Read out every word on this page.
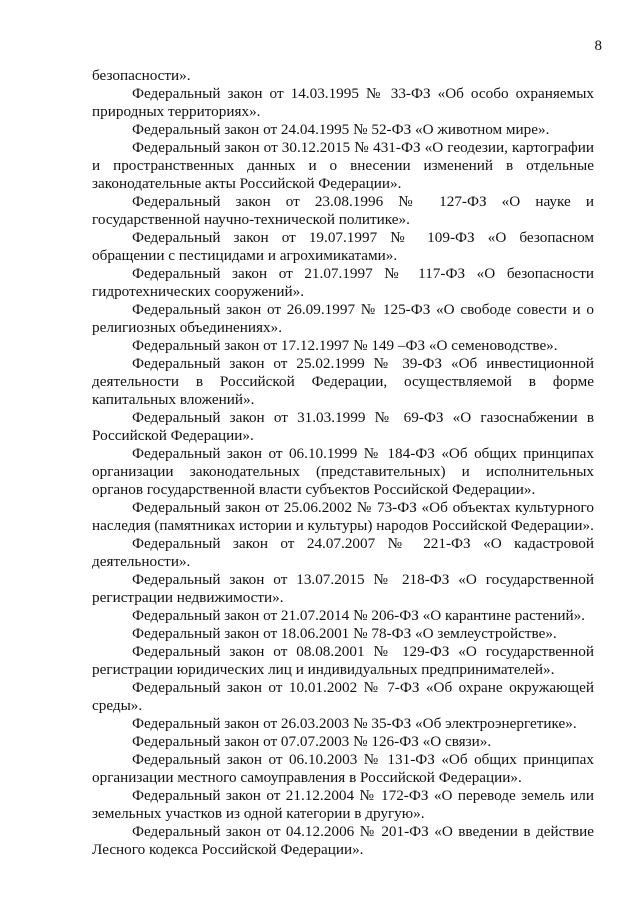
8

безопасности».

Федеральный закон от 14.03.1995 № 33-ФЗ «Об особо охраняемых природных территориях».

Федеральный закон от 24.04.1995 № 52-ФЗ «О животном мире».

Федеральный закон от 30.12.2015 № 431-ФЗ «О геодезии, картографии и пространственных данных и о внесении изменений в отдельные законодательные акты Российской Федерации».

Федеральный закон от 23.08.1996 № 127-ФЗ «О науке и государственной научно-технической политике».

Федеральный закон от 19.07.1997 № 109-ФЗ «О безопасном обращении с пестицидами и агрохимикатами».

Федеральный закон от 21.07.1997 № 117-ФЗ «О безопасности гидротехнических сооружений».

Федеральный закон от 26.09.1997 № 125-ФЗ «О свободе совести и о религиозных объединениях».

Федеральный закон от 17.12.1997 № 149 –ФЗ «О семеноводстве».

Федеральный закон от 25.02.1999 № 39-ФЗ «Об инвестиционной деятельности в Российской Федерации, осуществляемой в форме капитальных вложений».

Федеральный закон от 31.03.1999 № 69-ФЗ «О газоснабжении в Российской Федерации».

Федеральный закон от 06.10.1999 № 184-ФЗ «Об общих принципах организации законодательных (представительных) и исполнительных органов государственной власти субъектов Российской Федерации».

Федеральный закон от 25.06.2002 № 73-ФЗ «Об объектах культурного наследия (памятниках истории и культуры) народов Российской Федерации».

Федеральный закон от 24.07.2007 № 221-ФЗ «О кадастровой деятельности».

Федеральный закон от 13.07.2015 № 218-ФЗ «О государственной регистрации недвижимости».

Федеральный закон от 21.07.2014 № 206-ФЗ «О карантине растений».

Федеральный закон от 18.06.2001 № 78-ФЗ «О землеустройстве».

Федеральный закон от 08.08.2001 № 129-ФЗ «О государственной регистрации юридических лиц и индивидуальных предпринимателей».

Федеральный закон от 10.01.2002 № 7-ФЗ «Об охране окружающей среды».

Федеральный закон от 26.03.2003 № 35-ФЗ «Об электроэнергетике».

Федеральный закон от 07.07.2003 № 126-ФЗ «О связи».

Федеральный закон от 06.10.2003 № 131-ФЗ «Об общих принципах организации местного самоуправления в Российской Федерации».

Федеральный закон от 21.12.2004 № 172-ФЗ «О переводе земель или земельных участков из одной категории в другую».

Федеральный закон от 04.12.2006 № 201-ФЗ «О введении в действие Лесного кодекса Российской Федерации».
